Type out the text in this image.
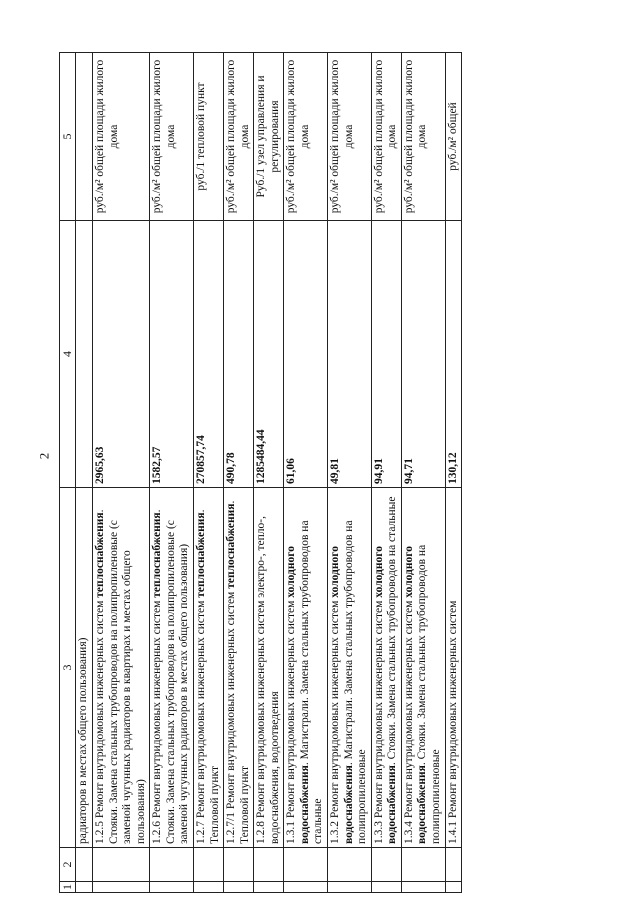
2
1	2	3	4	5
		радиаторов в местах общего пользования)		
		1.2.5 Ремонт внутридомовых инженерных систем теплоснабжения. Стояки. Замена стальных трубопроводов на полипропиленовые (с заменой чугунных радиаторов в квартирах и местах общего пользования)	2965,63	руб./м² общей площади жилого дома
		1.2.6 Ремонт внутридомовых инженерных систем теплоснабжения. Стояки. Замена стальных трубопроводов на полипропиленовые (с заменой чугунных радиаторов в местах общего пользования)	1582,57	руб./м² общей площади жилого дома
		1.2.7 Ремонт внутридомовых инженерных систем теплоснабжения. Тепловой пункт	270857,74	руб./1 тепловой пункт
		1.2.7/1 Ремонт внутридомовых инженерных систем теплоснабжения. Тепловой пункт	490,78	руб./м² общей площади жилого дома
		1.2.8 Ремонт внутридомовых инженерных систем электро-, тепло-, водоснабжения, водоотведения	1285484,44	Руб./1 узел управления и регулирования
		1.3.1 Ремонт внутридомовых инженерных систем холодного водоснабжения. Магистрали. Замена стальных трубопроводов на стальные	61,06	руб./м² общей площади жилого дома
		1.3.2 Ремонт внутридомовых инженерных систем холодного водоснабжения. Магистрали. Замена стальных трубопроводов на полипропиленовые	49,81	руб./м² общей площади жилого дома
		1.3.3 Ремонт внутридомовых инженерных систем холодного водоснабжения. Стояки. Замена стальных трубопроводов на стальные	94,91	руб./м² общей площади жилого дома
		1.3.4 Ремонт внутридомовых инженерных систем холодного водоснабжения. Стояки. Замена стальных трубопроводов на полипропиленовые	94,71	руб./м² общей площади жилого дома
		1.4.1 Ремонт внутридомовых инженерных систем	130,12	руб./м² общей
